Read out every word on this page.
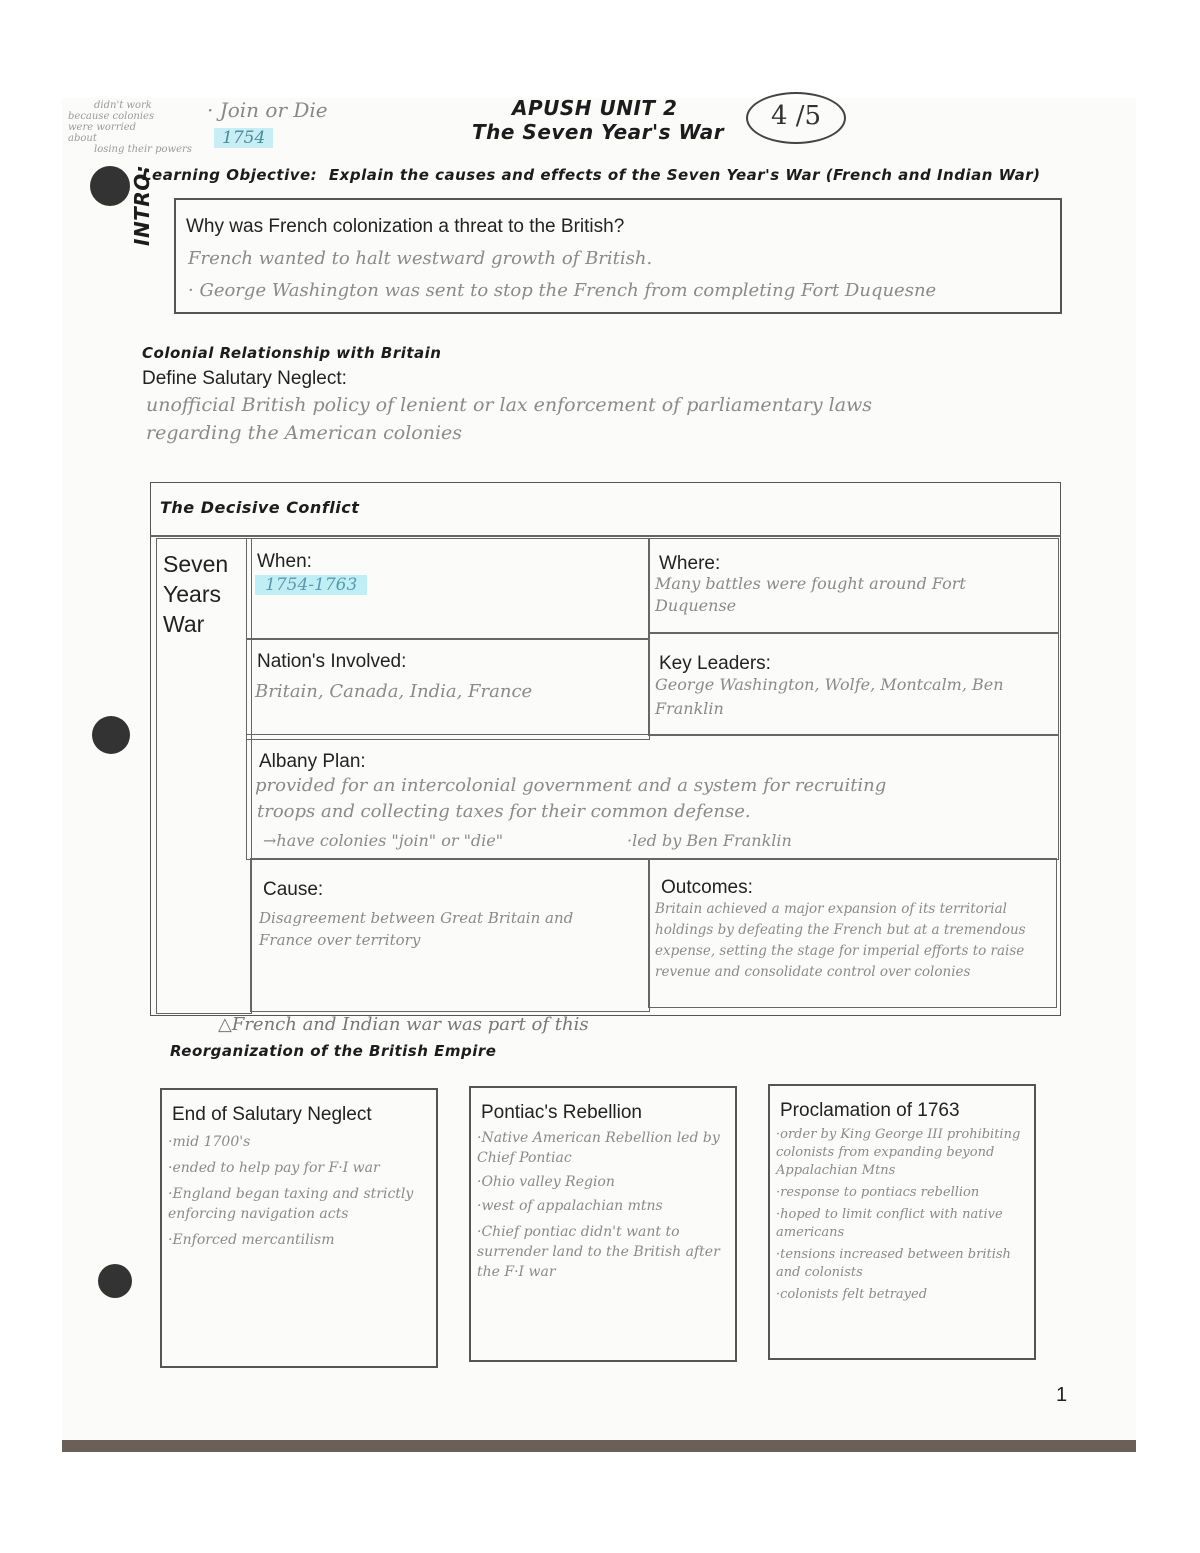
didn't work
because colonies
were worried
about
losing their powers
· Join or Die
1754
APUSH UNIT 2
The Seven Year's War
4 /5
Learning Objective: Explain the causes and effects of the Seven Year's War (French and Indian War)
INTRO: Why was French colonization a threat to the British?
French wanted to halt westward growth of British.
· George Washington was sent to stop the French from completing Fort Duquesne
Colonial Relationship with Britain
Define Salutary Neglect:
unofficial British policy of lenient or lax enforcement of parliamentary laws
regarding the American colonies
The Decisive Conflict
Seven
Years
War
When:
1754-1763
Where:
Many battles were fought around Fort Duquense
Nation's Involved:
Britain, Canada, India, France
Key Leaders:
George Washington, Wolfe, Montcalm, Ben Franklin
Albany Plan:
provided for an intercolonial government and a system for recruiting
troops and collecting taxes for their common defense.
→have colonies "join" or "die"	·led by Ben Franklin
Cause:
Disagreement between Great Britain and France over territory
Outcomes:
Britain achieved a major expansion of its territorial holdings by defeating the French but at a tremendous expense, setting the stage for imperial efforts to raise revenue and consolidate control over colonies
△French and Indian war was part of this
Reorganization of the British Empire
End of Salutary Neglect
·mid 1700's
·ended to help pay for F·I war
·England began taxing and strictly enforcing navigation acts
·Enforced mercantilism
Pontiac's Rebellion
·Native American Rebellion led by Chief Pontiac
·Ohio valley Region
·west of appalachian mtns
·Chief pontiac didn't want to surrender land to the British after the F·I war
Proclamation of 1763
·order by King George III prohibiting colonists from expanding beyond Appalachian Mtns
·response to pontiacs rebellion
·hoped to limit conflict with native americans
·tensions increased between british and colonists
·colonists felt betrayed
1
